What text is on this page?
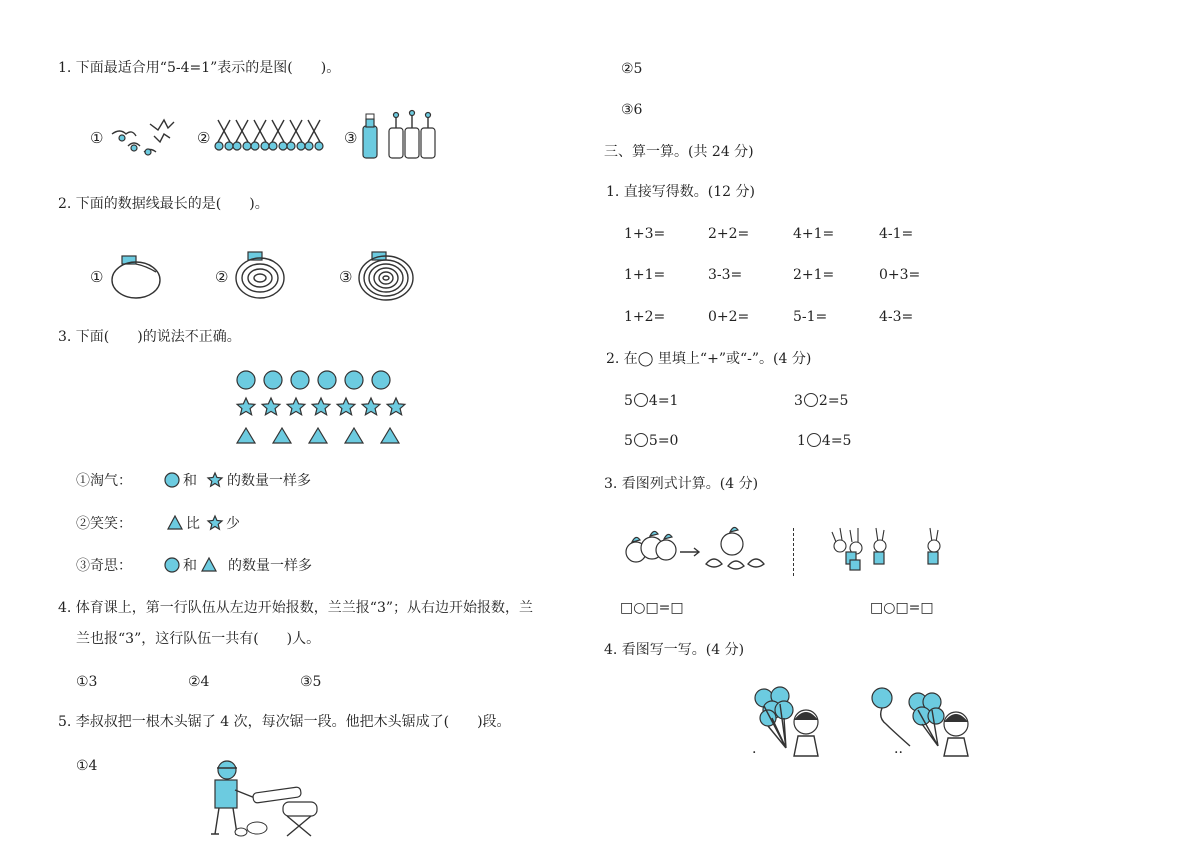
1. 下面最适合用“5-4=1”表示的是图(　　)。
①	②	③
2. 下面的数据线最长的是(　　)。
①	②	③
3. 下面(　　)的说法不正确。
①淘气：	和 的数量一样多
②笑笑：	比 少
③奇思：	和 的数量一样多
4. 体育课上，第一行队伍从左边开始报数，兰兰报“3”；从右边开始报数，兰
兰也报“3”，这行队伍一共有(　　)人。
①3	②4	③5
5. 李叔叔把一根木头锯了 4 次，每次锯一段。他把木头锯成了(　　)段。
①4
②5
③6
三、算一算。(共 24 分)
1. 直接写得数。(12 分)
1+3=	2+2=	4+1=	4-1=
1+1=	3-3=	2+1=	0+3=
1+2=	0+2=	5-1=	4-3=
2. 在◯ 里填上“+”或“-”。(4 分)
5 4=1	3 2=5
5 5=0	1 4=5
3. 看图列式计算。(4 分)
□○□=□	□○□=□
4. 看图写一写。(4 分)
.	..
